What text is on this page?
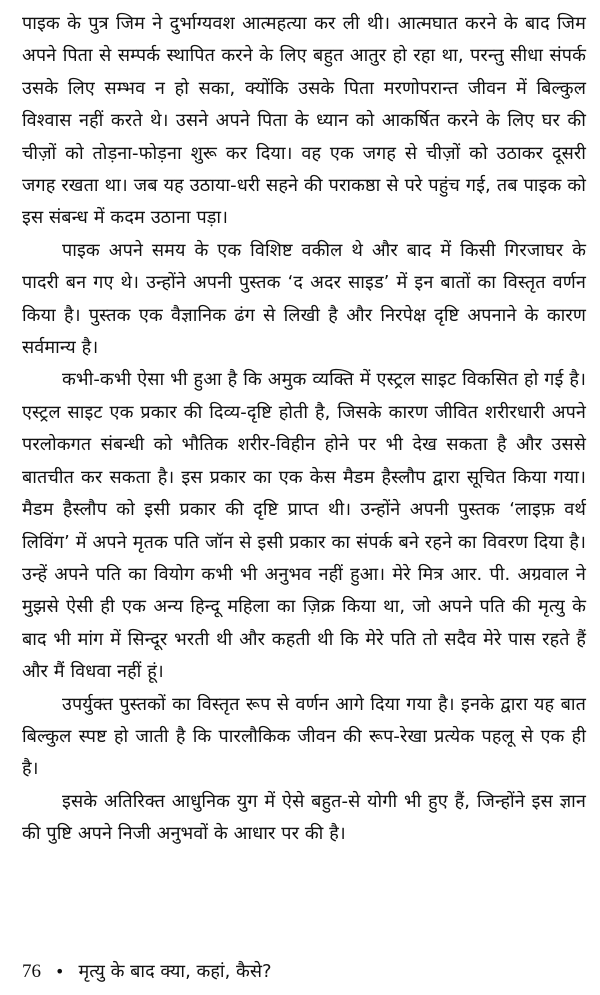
पाइक के पुत्र जिम ने दुर्भाग्यवश आत्महत्या कर ली थी। आत्मघात करने के बाद जिम अपने पिता से सम्पर्क स्थापित करने के लिए बहुत आतुर हो रहा था, परन्तु सीधा संपर्क उसके लिए सम्भव न हो सका, क्योंकि उसके पिता मरणोपरान्त जीवन में बिल्कुल विश्वास नहीं करते थे। उसने अपने पिता के ध्यान को आकर्षित करने के लिए घर की चीज़ों को तोड़ना-फोड़ना शुरू कर दिया। वह एक जगह से चीज़ों को उठाकर दूसरी जगह रखता था। जब यह उठाया-धरी सहने की पराकष्ठा से परे पहुंच गई, तब पाइक को इस संबन्ध में कदम उठाना पड़ा।

पाइक अपने समय के एक विशिष्ट वकील थे और बाद में किसी गिरजाघर के पादरी बन गए थे। उन्होंने अपनी पुस्तक ‘द अदर साइड’ में इन बातों का विस्तृत वर्णन किया है। पुस्तक एक वैज्ञानिक ढंग से लिखी है और निरपेक्ष दृष्टि अपनाने के कारण सर्वमान्य है।

कभी-कभी ऐसा भी हुआ है कि अमुक व्यक्ति में एस्ट्रल साइट विकसित हो गई है। एस्ट्रल साइट एक प्रकार की दिव्य-दृष्टि होती है, जिसके कारण जीवित शरीरधारी अपने परलोकगत संबन्धी को भौतिक शरीर-विहीन होने पर भी देख सकता है और उससे बातचीत कर सकता है। इस प्रकार का एक केस मैडम हैस्लौप द्वारा सूचित किया गया। मैडम हैस्लौप को इसी प्रकार की दृष्टि प्राप्त थी। उन्होंने अपनी पुस्तक ‘लाइफ़ वर्थ लिविंग’ में अपने मृतक पति जॉन से इसी प्रकार का संपर्क बने रहने का विवरण दिया है। उन्हें अपने पति का वियोग कभी भी अनुभव नहीं हुआ। मेरे मित्र आर. पी. अग्रवाल ने मुझसे ऐसी ही एक अन्य हिन्दू महिला का ज़िक्र किया था, जो अपने पति की मृत्यु के बाद भी मांग में सिन्दूर भरती थी और कहती थी कि मेरे पति तो सदैव मेरे पास रहते हैं और मैं विधवा नहीं हूं।

उपर्युक्त पुस्तकों का विस्तृत रूप से वर्णन आगे दिया गया है। इनके द्वारा यह बात बिल्कुल स्पष्ट हो जाती है कि पारलौकिक जीवन की रूप-रेखा प्रत्येक पहलू से एक ही है।

इसके अतिरिक्त आधुनिक युग में ऐसे बहुत-से योगी भी हुए हैं, जिन्होंने इस ज्ञान की पुष्टि अपने निजी अनुभवों के आधार पर की है।

76 • मृत्यु के बाद क्या, कहां, कैसे?
